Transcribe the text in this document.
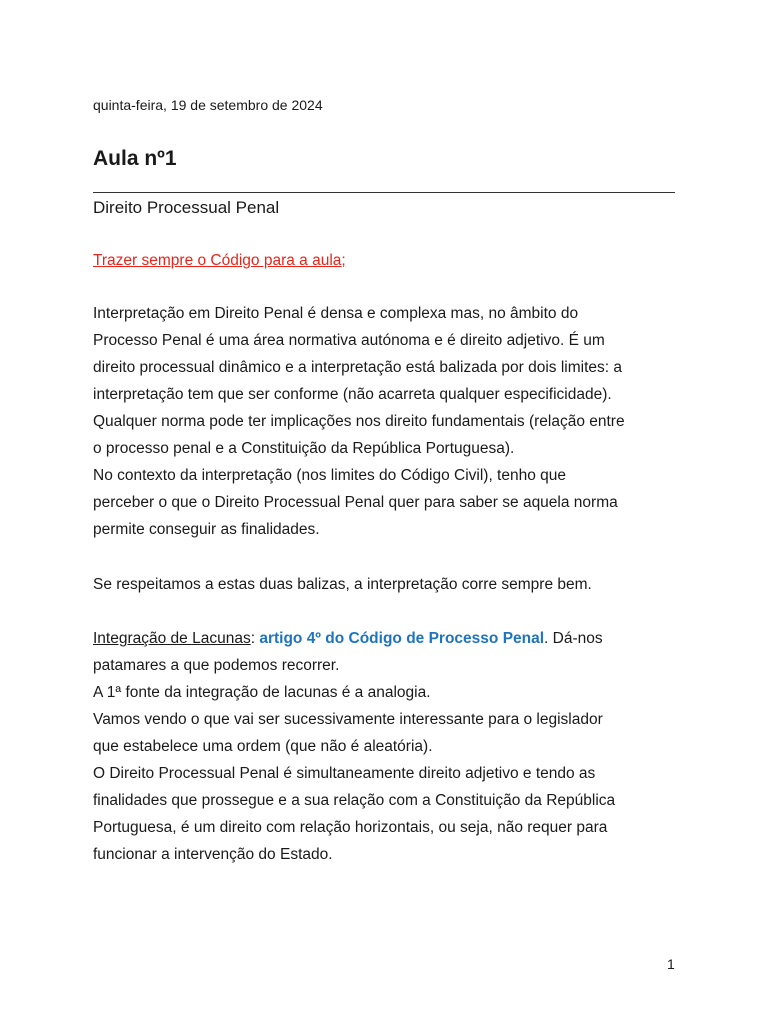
quinta-feira, 19 de setembro de 2024
Aula nº1
Direito Processual Penal
Trazer sempre o Código para a aula;

Interpretação em Direito Penal é densa e complexa mas, no âmbito do

Processo Penal é uma área normativa autónoma e é direito adjetivo. É um

direito processual dinâmico e a interpretação está balizada por dois limites: a

interpretação tem que ser conforme (não acarreta qualquer especificidade).

Qualquer norma pode ter implicações nos direito fundamentais (relação entre

o processo penal e a Constituição da República Portuguesa).

No contexto da interpretação (nos limites do Código Civil), tenho que

perceber o que o Direito Processual Penal quer para saber se aquela norma

permite conseguir as finalidades.

Se respeitamos a estas duas balizas, a interpretação corre sempre bem.

Integração de Lacunas: artigo 4º do Código de Processo Penal. Dá-nos

patamares a que podemos recorrer.

A 1ª fonte da integração de lacunas é a analogia.

Vamos vendo o que vai ser sucessivamente interessante para o legislador

que estabelece uma ordem (que não é aleatória).

O Direito Processual Penal é simultaneamente direito adjetivo e tendo as

finalidades que prossegue e a sua relação com a Constituição da República

Portuguesa, é um direito com relação horizontais, ou seja, não requer para

funcionar a intervenção do Estado.

1
